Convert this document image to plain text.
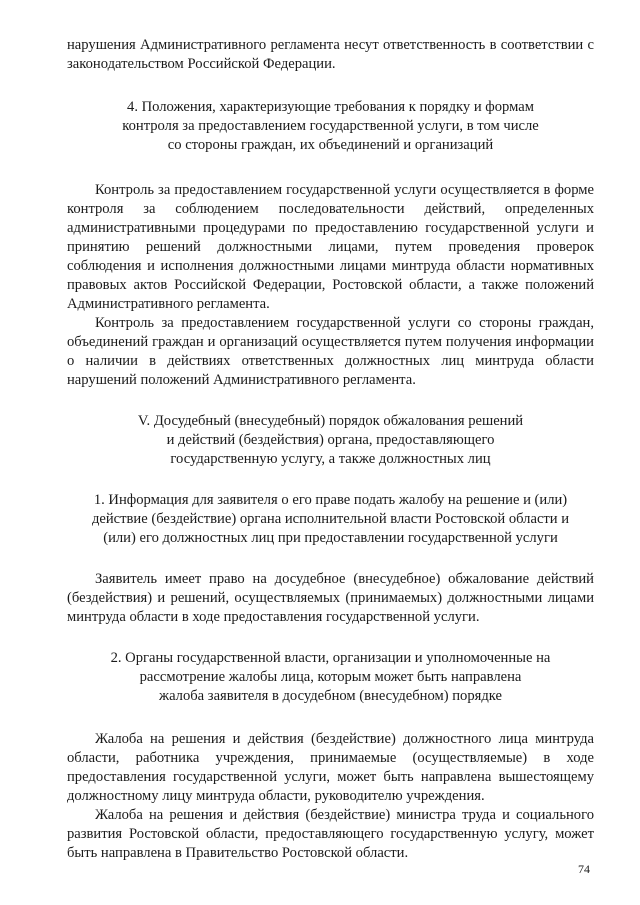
нарушения Административного регламента несут ответственность в соответствии с законодательством Российской Федерации.

4. Положения, характеризующие требования к порядку и формам
контроля за предоставлением государственной услуги, в том числе
со стороны граждан, их объединений и организаций

Контроль за предоставлением государственной услуги осуществляется в форме контроля за соблюдением последовательности действий, определенных административными процедурами по предоставлению государственной услуги и принятию решений должностными лицами, путем проведения проверок соблюдения и исполнения должностными лицами минтруда области нормативных правовых актов Российской Федерации, Ростовской области, а также положений Административного регламента.

Контроль за предоставлением государственной услуги со стороны граждан, объединений граждан и организаций осуществляется путем получения информации о наличии в действиях ответственных должностных лиц минтруда области нарушений положений Административного регламента.

V. Досудебный (внесудебный) порядок обжалования решений
и действий (бездействия) органа, предоставляющего
государственную услугу, а также должностных лиц
1. Информация для заявителя о его праве подать жалобу на решение и (или)
действие (бездействие) органа исполнительной власти Ростовской области и
(или) его должностных лиц при предоставлении государственной услуги

Заявитель имеет право на досудебное (внесудебное) обжалование действий (бездействия) и решений, осуществляемых (принимаемых) должностными лицами минтруда области в ходе предоставления государственной услуги.

2. Органы государственной власти, организации и уполномоченные на
рассмотрение жалобы лица, которым может быть направлена
жалоба заявителя в досудебном (внесудебном) порядке

Жалоба на решения и действия (бездействие) должностного лица минтруда области, работника учреждения, принимаемые (осуществляемые) в ходе предоставления государственной услуги, может быть направлена вышестоящему должностному лицу минтруда области, руководителю учреждения.

Жалоба на решения и действия (бездействие) министра труда и социального развития Ростовской области, предоставляющего государственную услугу, может быть направлена в Правительство Ростовской области.

74
